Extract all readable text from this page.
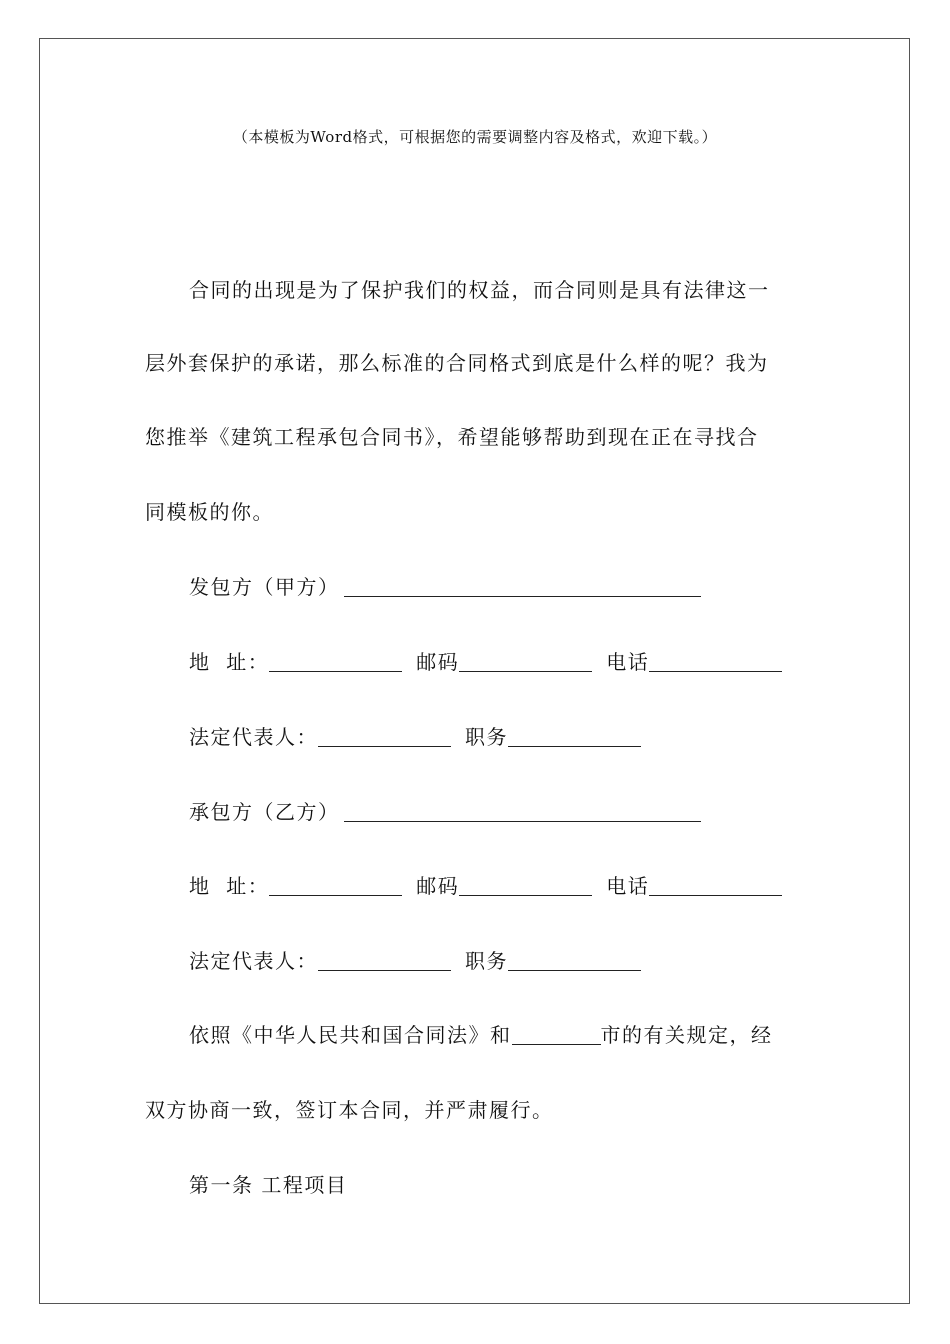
（本模板为Word格式，可根据您的需要调整内容及格式，欢迎下载。）
合同的出现是为了保护我们的权益，而合同则是具有法律这一
层外套保护的承诺，那么标准的合同格式到底是什么样的呢？我为
您推举《建筑工程承包合同书》，希望能够帮助到现在正在寻找合
同模板的你。
发包方（甲方）
地  址：	邮码	电话
法定代表人：	职务
承包方（乙方）
地  址：	邮码	电话
法定代表人：	职务
依照《中华人民共和国合同法》和	市的有关规定，经
双方协商一致，签订本合同，并严肃履行。
第一条 工程项目
